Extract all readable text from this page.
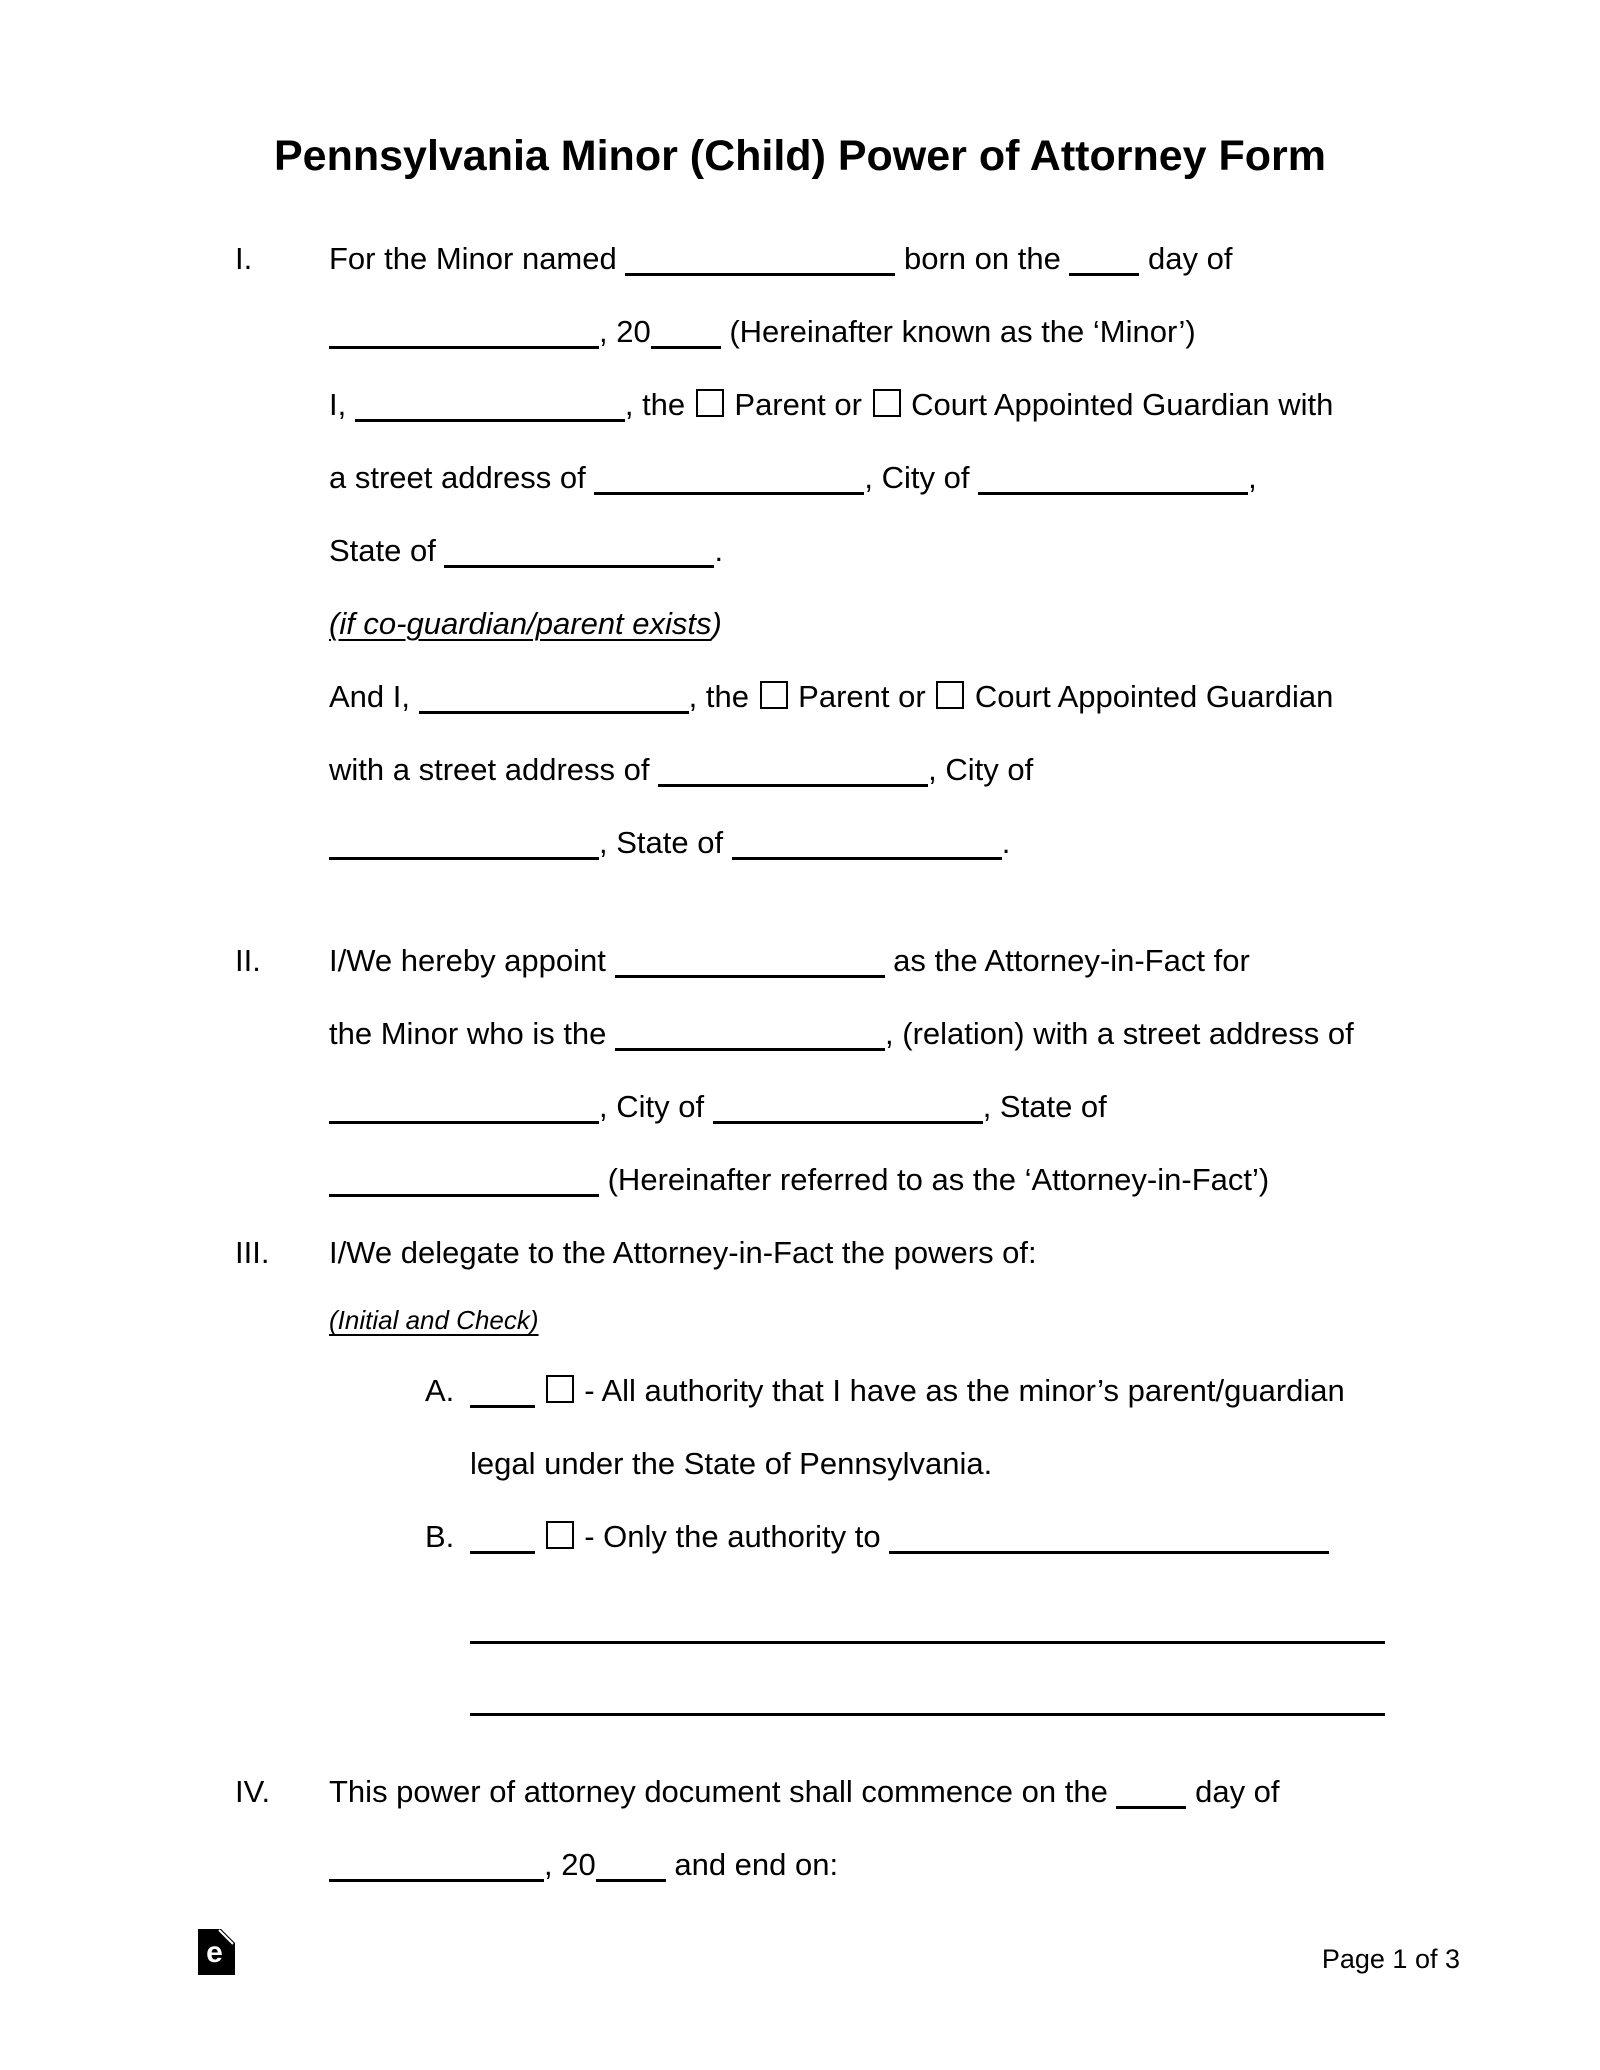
Pennsylvania Minor (Child) Power of Attorney Form
I. For the Minor named	born on the  day of
, 20 (Hereinafter known as the ‘Minor’)
I,	, the  Parent or  Court Appointed Guardian with
a street address of	, City of	,
State of	.
(if co-guardian/parent exists)
And I,	, the  Parent or  Court Appointed Guardian
with a street address of	, City of
, State of	.
II. I/We hereby appoint	as the Attorney-in-Fact for
the Minor who is the	, (relation) with a street address of
, City of	, State of
(Hereinafter referred to as the ‘Attorney-in-Fact’)
III. I/We delegate to the Attorney-in-Fact the powers of:
(Initial and Check)
A.	- All authority that I have as the minor’s parent/guardian
legal under the State of Pennsylvania.
B.	- Only the authority to
IV. This power of attorney document shall commence on the  day of
, 20 and end on:
e	Page 1 of 3
